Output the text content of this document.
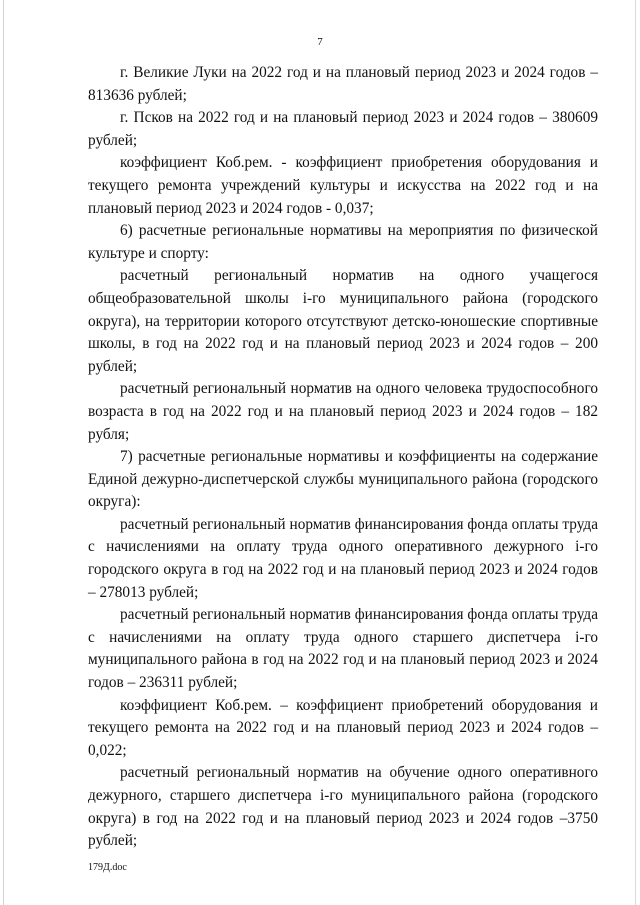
7

г. Великие Луки на 2022 год и на плановый период 2023 и 2024 годов –813636 рублей;

г. Псков на 2022 год и на плановый период 2023 и 2024 годов – 380609 рублей;

коэффициент Коб.рем. - коэффициент приобретения оборудования и текущего ремонта учреждений культуры и искусства на 2022 год и на плановый период 2023 и 2024 годов - 0,037;

6) расчетные региональные нормативы на мероприятия по физической культуре и спорту:

расчетный региональный норматив на одного учащегося общеобразовательной школы i-го муниципального района (городского округа), на территории которого отсутствуют детско-юношеские спортивные школы, в год на 2022 год и на плановый период 2023 и 2024 годов – 200 рублей;

расчетный региональный норматив на одного человека трудоспособного возраста в год на 2022 год и на плановый период 2023 и 2024 годов – 182 рубля;

7) расчетные региональные нормативы и коэффициенты на содержание Единой дежурно-диспетчерской службы муниципального района (городского округа):

расчетный региональный норматив финансирования фонда оплаты труда с начислениями на оплату труда одного оперативного дежурного i-го городского округа в год на 2022 год и на плановый период 2023 и 2024 годов – 278013 рублей;

расчетный региональный норматив финансирования фонда оплаты труда с начислениями на оплату труда одного старшего диспетчера i-го муниципального района в год на 2022 год и на плановый период 2023 и 2024 годов – 236311 рублей;

коэффициент Коб.рем. – коэффициент приобретений оборудования и текущего ремонта на 2022 год и на плановый период 2023 и 2024 годов – 0,022;

расчетный региональный норматив на обучение одного оперативного дежурного, старшего диспетчера i-го муниципального района (городского округа) в год на 2022 год и на плановый период 2023 и 2024 годов –3750 рублей;

179Д.doc
